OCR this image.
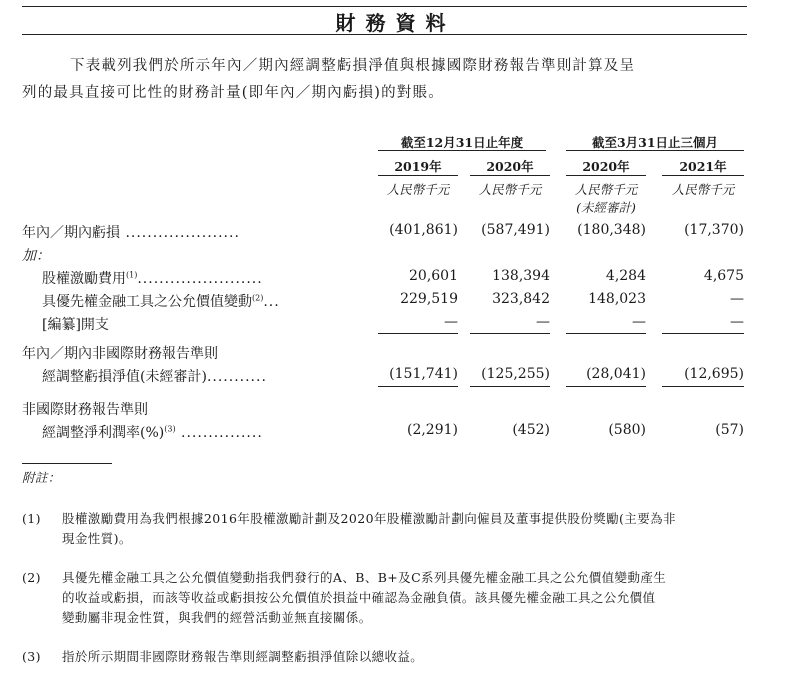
財務資料
下表載列我們於所示年內／期內經調整虧損淨值與根據國際財務報告準則計算及呈
列的最具直接可比性的財務計量(即年內／期內虧損)的對賬。
截至12月31日止年度	截至3月31日止三個月
2019年	2020年	2020年	2021年
人民幣千元	人民幣千元	人民幣千元	人民幣千元
(未經審計)
年內／期內虧損 .....................	(401,861)	(587,491)	(180,348)	(17,370)
加：
股權激勵費用$^{(1)}$.......................	20,601	138,394	4,284	4,675
具優先權金融工具之公允價值變動$^{(2)}$...	229,519	323,842	148,023	—
[編纂]開支	—	—	—	—
年內／期內非國際財務報告準則
經調整虧損淨值(未經審計)...........	(151,741)	(125,255)	(28,041)	(12,695)
非國際財務報告準則
經調整淨利潤率(%)$^{(3)}$ ...............	(2,291)	(452)	(580)	(57)
附註：
(1) 股權激勵費用為我們根據2016年股權激勵計劃及2020年股權激勵計劃向僱員及董事提供股份獎勵(主要為非
現金性質)。
(2) 具優先權金融工具之公允價值變動指我們發行的A、B、B+及C系列具優先權金融工具之公允價值變動產生
的收益或虧損，而該等收益或虧損按公允價值於損益中確認為金融負債。該具優先權金融工具之公允價值
變動屬非現金性質，與我們的經營活動並無直接關係。
(3) 指於所示期間非國際財務報告準則經調整虧損淨值除以總收益。
